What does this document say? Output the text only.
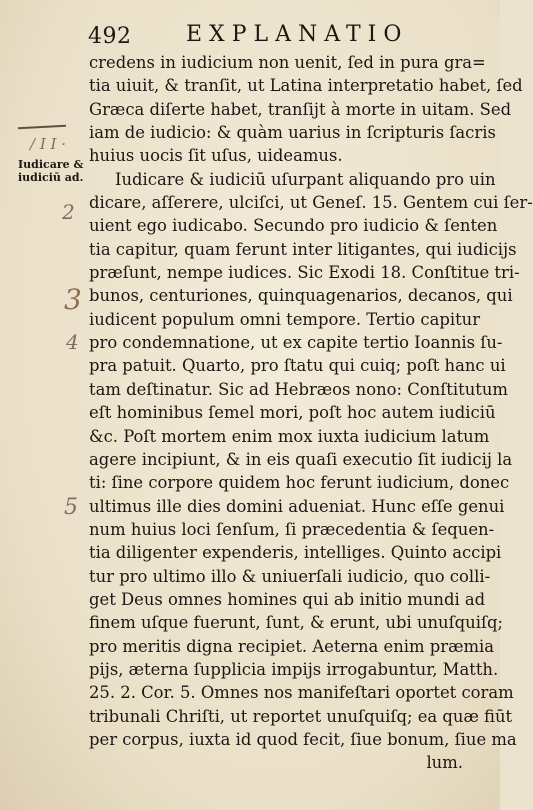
492 EXPLANATIO
/ I I ·
2
3
4
5
Iudicare &
iudiciū ad.
credens in iudicium non uenit, ſed in pura gra=
tia uiuit, & tranſit, ut Latina interpretatio habet, ſed
Græca diſerte habet, tranſijt à morte in uitam. Sed
iam de iudicio: & quàm uarius in ſcripturis ſacris
huius uocis ſit uſus, uideamus.
Iudicare & iudiciū uſurpant aliquando pro uin
dicare, aſſerere, ulciſci, ut Geneſ. 15. Gentem cui ſer-
uient ego iudicabo. Secundo pro iudicio & ſenten
tia capitur, quam ferunt inter litigantes, qui iudicijs
præſunt, nempe iudices. Sic Exodi 18. Conſtitue tri-
bunos, centuriones, quinquagenarios, decanos, qui
iudicent populum omni tempore. Tertio capitur
pro condemnatione, ut ex capite tertio Ioannis ſu-
pra patuit. Quarto, pro ſtatu qui cuiq; poſt hanc ui
tam deſtinatur. Sic ad Hebræos nono: Conſtitutum
eſt hominibus ſemel mori, poſt hoc autem iudiciū
&c. Poſt mortem enim mox iuxta iudicium latum
agere incipiunt, & in eis quaſi executio ſit iudicij la
ti: ſine corpore quidem hoc ferunt iudicium, donec
ultimus ille dies domini adueniat. Hunc eſſe genui
num huius loci ſenſum, ſi præcedentia & ſequen-
tia diligenter expenderis, intelliges. Quinto accipi
tur pro ultimo illo & uniuerſali iudicio, quo colli-
get Deus omnes homines qui ab initio mundi ad
finem uſque fuerunt, ſunt, & erunt, ubi unuſquiſq;
pro meritis digna recipiet. Aeterna enim præmia
pijs, æterna ſupplicia impijs irrogabuntur, Matth.
25. 2. Cor. 5. Omnes nos manifeſtari oportet coram
tribunali Chriſti, ut reportet unuſquiſq; ea quæ fiūt
per corpus, iuxta id quod fecit, ſiue bonum, ſiue ma
lum.
